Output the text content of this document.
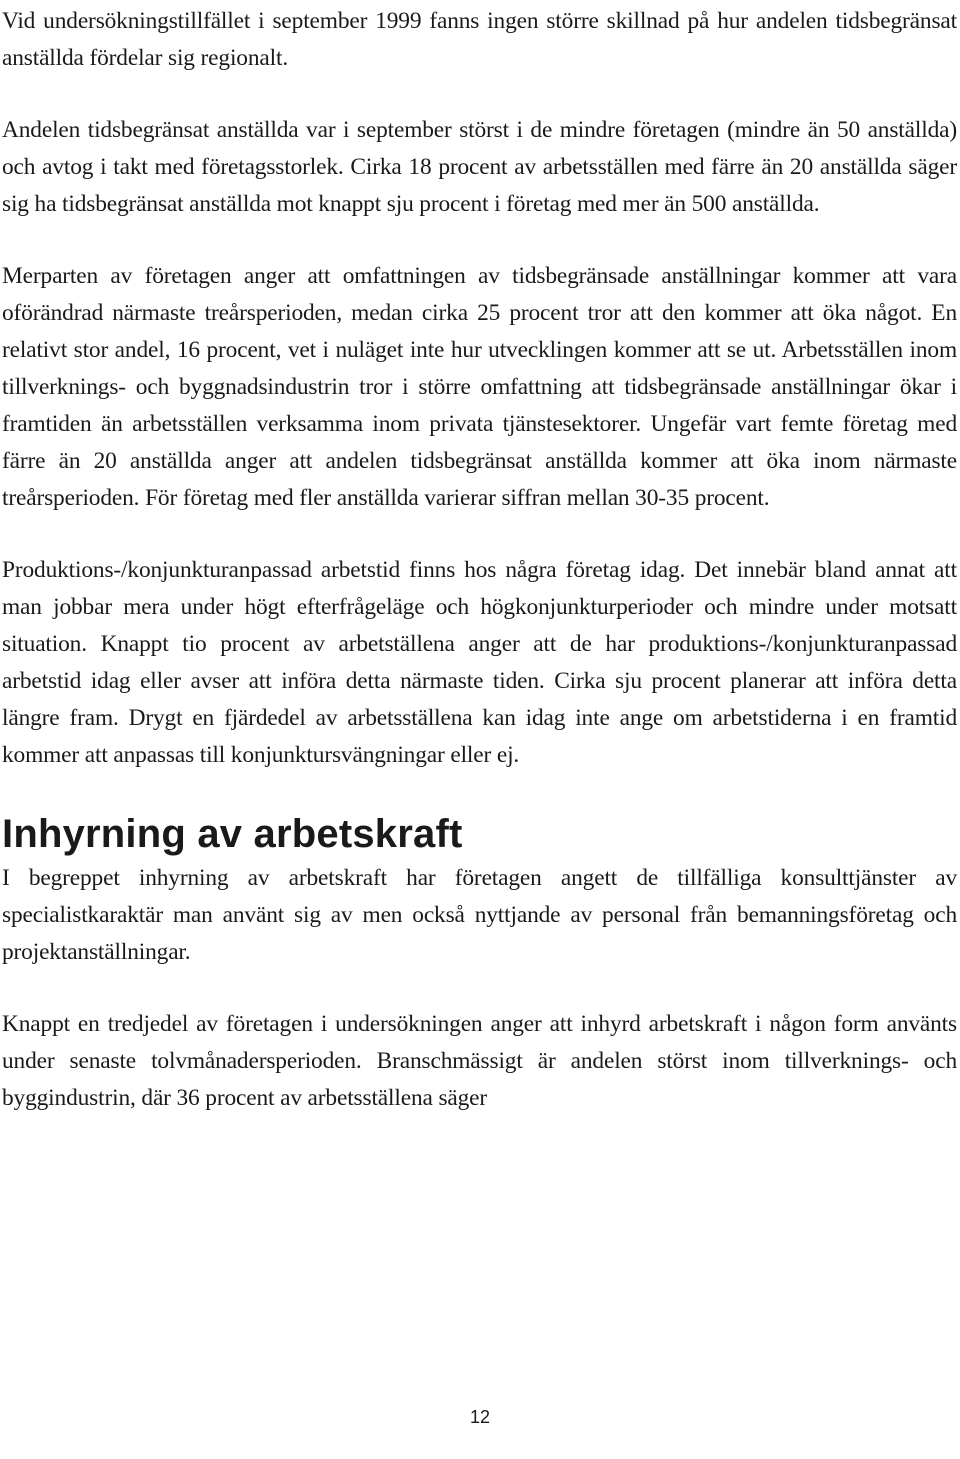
Vid undersökningstillfället i september 1999 fanns ingen större skillnad på hur andelen tidsbegränsat anställda fördelar sig regionalt.

Andelen tidsbegränsat anställda var i september störst i de mindre företagen (mindre än 50 anställda) och avtog i takt med företagsstorlek. Cirka 18 procent av arbetsställen med färre än 20 anställda säger sig ha tidsbegränsat anställda mot knappt sju procent i företag med mer än 500 anställda.

Merparten av företagen anger att omfattningen av tidsbegränsade anställningar kommer att vara oförändrad närmaste treårsperioden, medan cirka 25 procent tror att den kommer att öka något. En relativt stor andel, 16 procent, vet i nuläget inte hur utvecklingen kommer att se ut. Arbetsställen inom tillverknings- och byggnadsindustrin tror i större omfattning att tidsbegränsade anställningar ökar i framtiden än arbetsställen verksamma inom privata tjänstesektorer. Ungefär vart femte företag med färre än 20 anställda anger att andelen tidsbegränsat anställda kommer att öka inom närmaste treårsperioden. För företag med fler anställda varierar siffran mellan 30-35 procent.

Produktions-/konjunkturanpassad arbetstid finns hos några företag idag. Det innebär bland annat att man jobbar mera under högt efterfrågeläge och högkonjunkturperioder och mindre under motsatt situation. Knappt tio procent av arbetställena anger att de har produktions-/konjunkturanpassad arbetstid idag eller avser att införa detta närmaste tiden. Cirka sju procent planerar att införa detta längre fram. Drygt en fjärdedel av arbetsställena kan idag inte ange om arbetstiderna i en framtid kommer att anpassas till konjunktursvängningar eller ej.

Inhyrning av arbetskraft

I begreppet inhyrning av arbetskraft har företagen angett de tillfälliga konsulttjänster av specialistkaraktär man använt sig av men också nyttjande av personal från bemanningsföretag och projektanställningar.

Knappt en tredjedel av företagen i undersökningen anger att inhyrd arbetskraft i någon form använts under senaste tolvmånadersperioden. Branschmässigt är andelen störst inom tillverknings- och byggindustrin, där 36 procent av arbetsställena säger

12
